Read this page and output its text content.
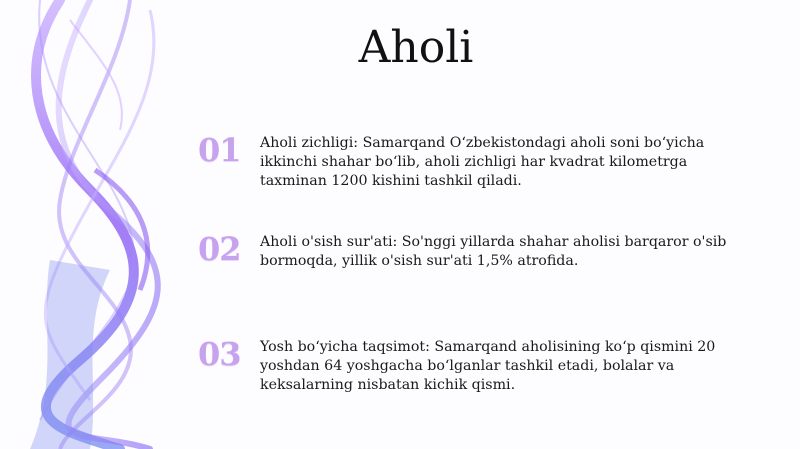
Aholi
01 Aholi zichligi: Samarqand O‘zbekistondagi aholi soni bo‘yicha ikkinchi shahar bo‘lib, aholi zichligi har kvadrat kilometrga taxminan 1200 kishini tashkil qiladi.
02 Aholi o'sish sur'ati: So'nggi yillarda shahar aholisi barqaror o'sib bormoqda, yillik o'sish sur'ati 1,5% atrofida.
03 Yosh bo‘yicha taqsimot: Samarqand aholisining ko‘p qismini 20 yoshdan 64 yoshgacha bo‘lganlar tashkil etadi, bolalar va keksalarning nisbatan kichik qismi.
